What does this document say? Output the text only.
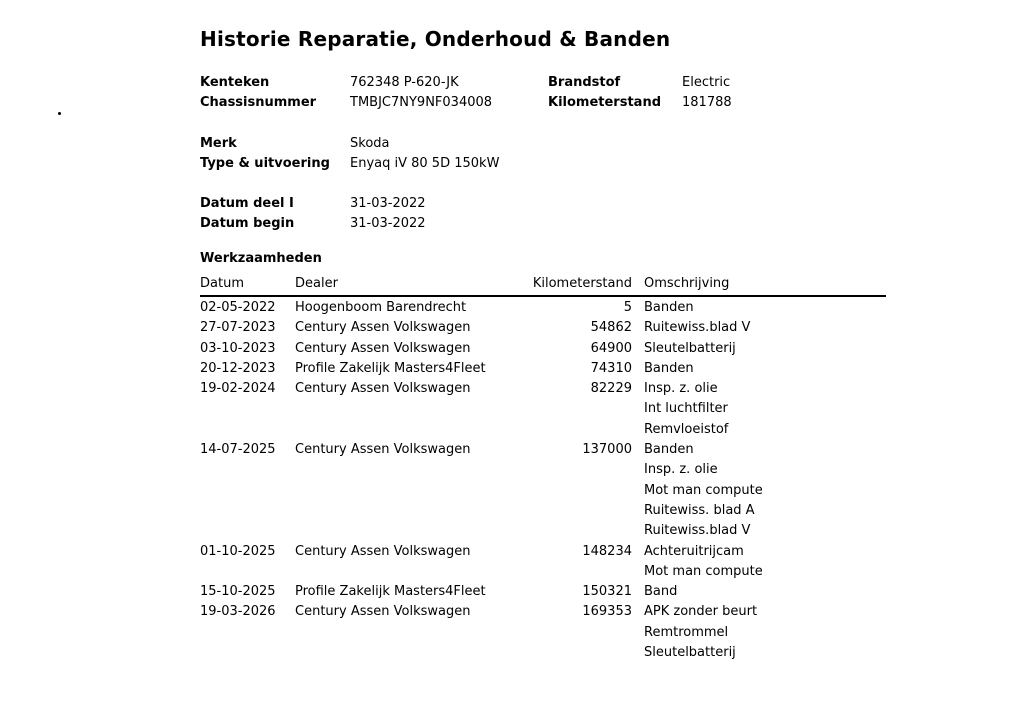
Historie Reparatie, Onderhoud & Banden
Kenteken	762348 P-620-JK	Brandstof	Electric
Chassisnummer	TMBJC7NY9NF034008	Kilometerstand 181788
Merk	Skoda
Type & uitvoering Enyaq iV 80 5D 150kW
Datum deel I	31-03-2022
Datum begin	31-03-2022
Werkzaamheden
Datum	Dealer	Kilometerstand Omschrijving
02-05-2022 Hoogenboom Barendrecht	5 Banden
27-07-2023 Century Assen Volkswagen	54862 Ruitewiss.blad V
03-10-2023 Century Assen Volkswagen	64900 Sleutelbatterij
20-12-2023 Profile Zakelijk Masters4Fleet	74310 Banden
19-02-2024 Century Assen Volkswagen	82229 Insp. z. olie
Int luchtfilter
Remvloeistof
14-07-2025 Century Assen Volkswagen	137000 Banden
Insp. z. olie
Mot man compute
Ruitewiss. blad A
Ruitewiss.blad V
01-10-2025 Century Assen Volkswagen	148234 Achteruitrijcam
Mot man compute
15-10-2025 Profile Zakelijk Masters4Fleet	150321 Band
19-03-2026 Century Assen Volkswagen	169353 APK zonder beurt
Remtrommel
Sleutelbatterij
